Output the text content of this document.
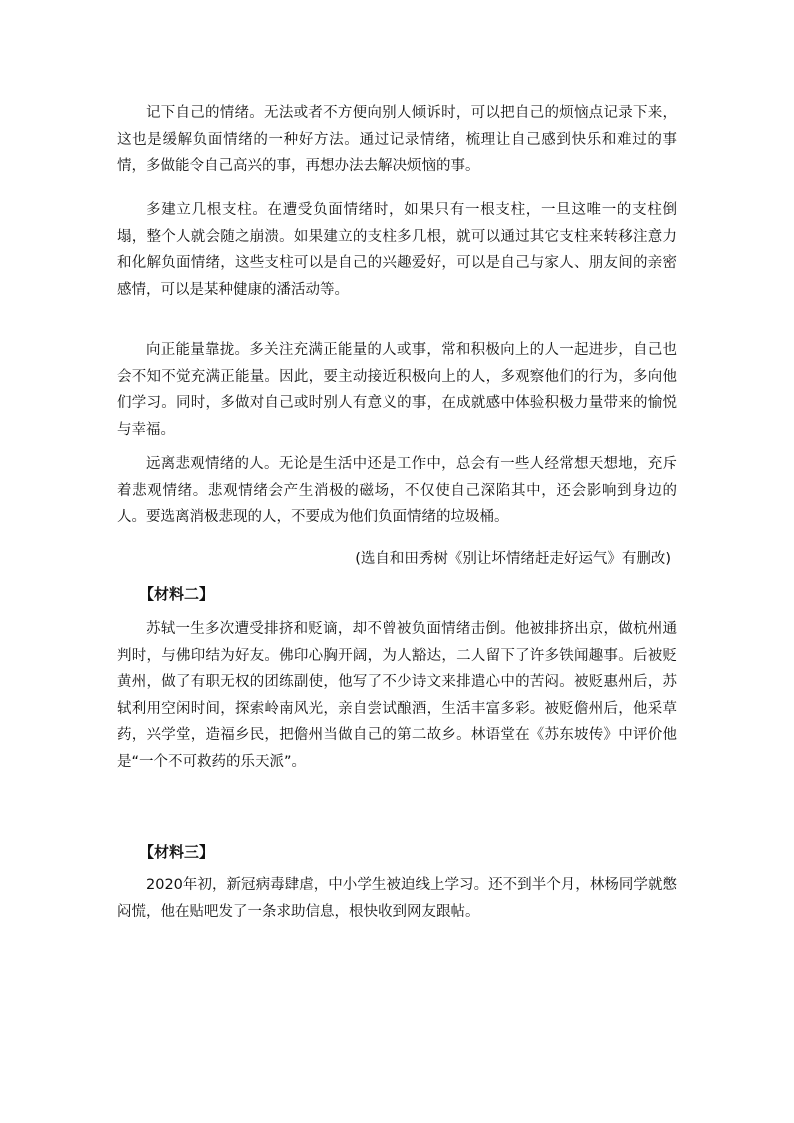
记下自己的情绪。无法或者不方便向别人倾诉时，可以把自己的烦恼点记录下来，这也是缓解负面情绪的一种好方法。通过记录情绪，梳理让自己感到快乐和难过的事情，多做能令自己高兴的事，再想办法去解决烦恼的事。

多建立几根支柱。在遭受负面情绪时，如果只有一根支柱，一旦这唯一的支柱倒塌，整个人就会随之崩溃。如果建立的支柱多几根，就可以通过其它支柱来转移注意力和化解负面情绪，这些支柱可以是自己的兴趣爱好，可以是自己与家人、朋友间的亲密感情，可以是某种健康的潘活动等。

向正能量靠拢。多关注充满正能量的人或事，常和积极向上的人一起进步，自己也会不知不觉充满正能量。因此，要主动接近积极向上的人，多观察他们的行为，多向他们学习。同时，多做对自己或时别人有意义的事，在成就感中体验积极力量带来的愉悦与幸福。

远离悲观情绪的人。无论是生活中还是工作中，总会有一些人经常想天想地，充斥着悲观情绪。悲观情绪会产生消极的磁场，不仅使自己深陷其中，还会影响到身边的人。要选离消极悲现的人，不要成为他们负面情绪的垃圾桶。

(选自和田秀树《别让坏情绪赶走好运气》有删改)

【材料二】

苏轼一生多次遭受排挤和贬谪，却不曾被负面情绪击倒。他被排挤出京，做杭州通判时，与佛印结为好友。佛印心胸开阔，为人豁达，二人留下了许多铁闻趣事。后被贬黄州，做了有职无权的团练副使，他写了不少诗文来排遣心中的苦闷。被贬惠州后，苏轼利用空闲时间，探索岭南风光，亲自尝试酿酒，生活丰富多彩。被贬儋州后，他采草药，兴学堂，造福乡民，把儋州当做自己的第二故乡。林语堂在《苏东坡传》中评价他是“一个不可救药的乐天派”。

【材料三】

2020年初，新冠病毒肆虐，中小学生被迫线上学习。还不到半个月，林杨同学就憋闷慌，他在贴吧发了一条求助信息，根快收到网友跟帖。
